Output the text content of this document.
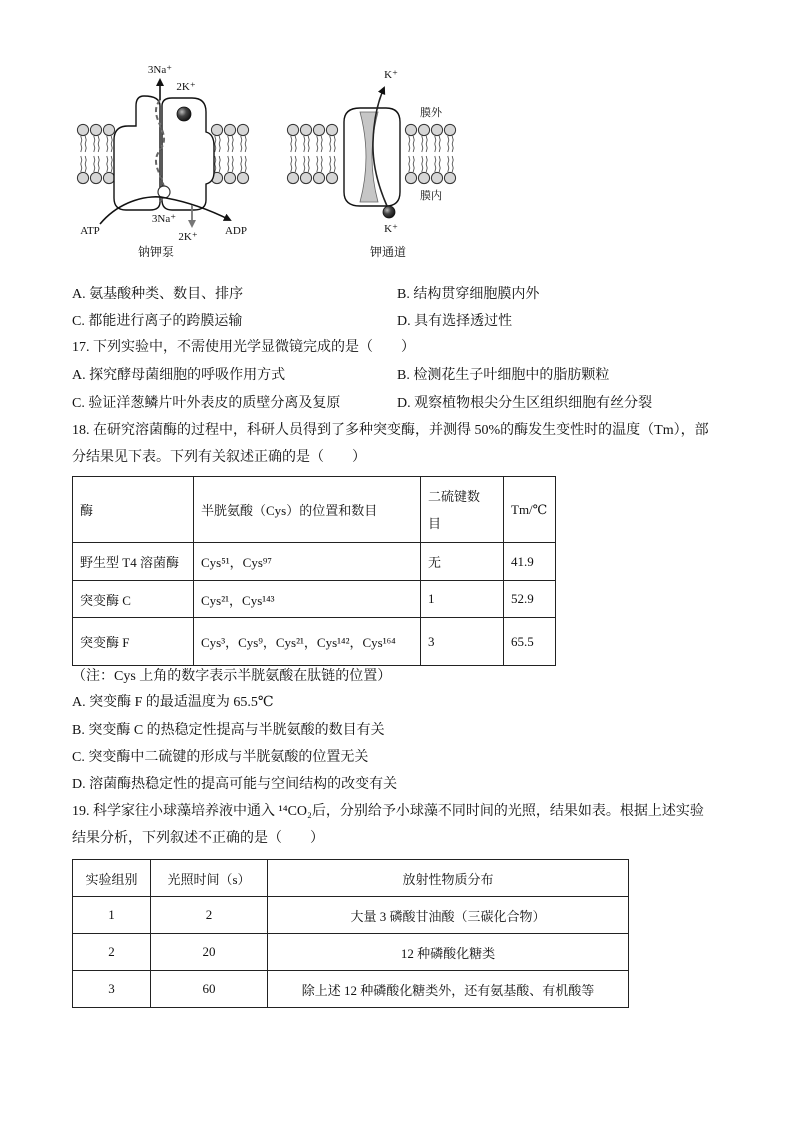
3Na⁺
2K⁺
3Na⁺
2K⁺
ATP	ADP
钠钾泵
K⁺
K⁺
膜外
膜内
钾通道
A. 氨基酸种类、数目、排序	B. 结构贯穿细胞膜内外
C. 都能进行离子的跨膜运输	D. 具有选择透过性
17. 下列实验中，不需使用光学显微镜完成的是（　　）
A. 探究酵母菌细胞的呼吸作用方式	B. 检测花生子叶细胞中的脂肪颗粒
C. 验证洋葱鳞片叶外表皮的质壁分离及复原	D. 观察植物根尖分生区组织细胞有丝分裂
18. 在研究溶菌酶的过程中，科研人员得到了多种突变酶，并测得 50%的酶发生变性时的温度（Tm），部
分结果见下表。下列有关叙述正确的是（　　）
酶	半胱氨酸（Cys）的位置和数目	二硫键数目	Tm/℃
野生型 T4 溶菌酶	Cys⁵¹，Cys⁹⁷	无	41.9
突变酶 C	Cys²¹，Cys¹⁴³	1	52.9
突变酶 F	Cys³，Cys⁹，Cys²¹，Cys¹⁴²，Cys¹⁶⁴	3	65.5
（注：Cys 上角的数字表示半胱氨酸在肽链的位置）
A. 突变酶 F 的最适温度为 65.5℃
B. 突变酶 C 的热稳定性提高与半胱氨酸的数目有关
C. 突变酶中二硫键的形成与半胱氨酸的位置无关
D. 溶菌酶热稳定性的提高可能与空间结构的改变有关
19. 科学家往小球藻培养液中通入 ¹⁴CO₂后，分别给予小球藻不同时间的光照，结果如表。根据上述实验
结果分析，下列叙述不正确的是（　　）
实验组别	光照时间（s）	放射性物质分布
1	2	大量 3 磷酸甘油酸（三碳化合物）
2	20	12 种磷酸化糖类
3	60	除上述 12 种磷酸化糖类外，还有氨基酸、有机酸等
